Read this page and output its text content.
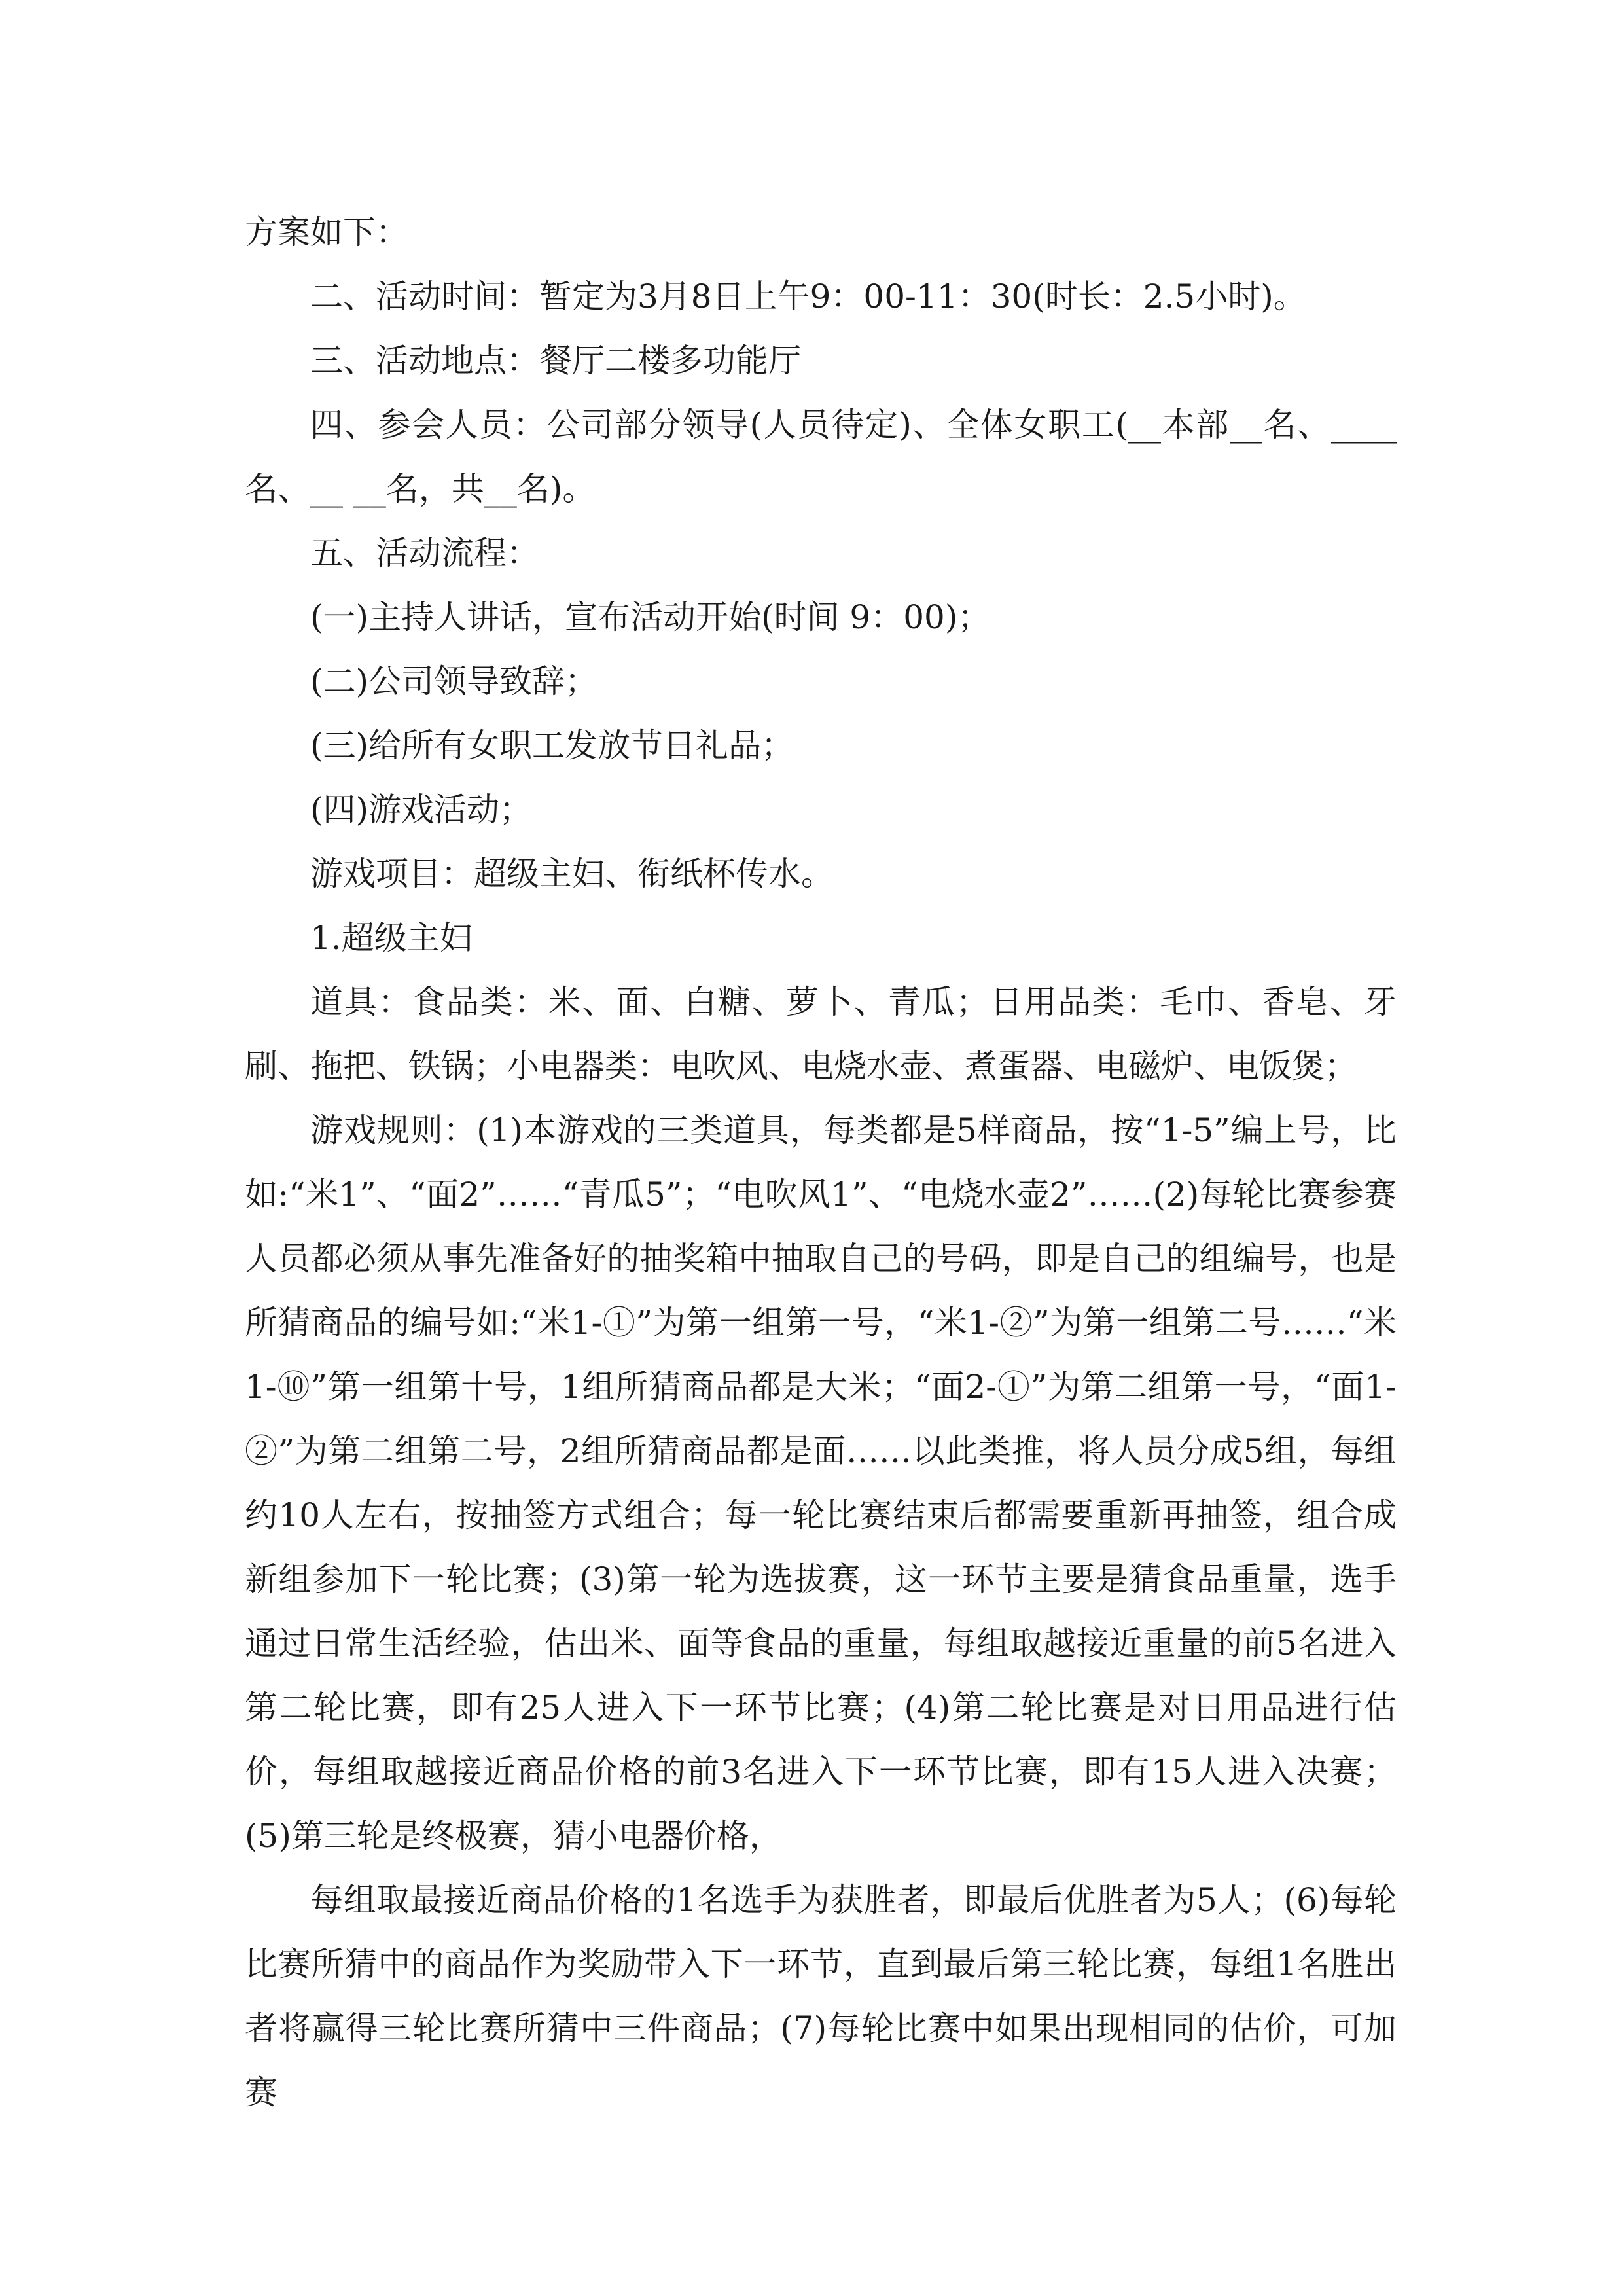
方案如下：

二、活动时间：暂定为3月8日上午9：00-11：30(时长：2.5小时)。

三、活动地点：餐厅二楼多功能厅

四、参会人员：公司部分领导(人员待定)、全体女职工(__本部__名、____名、__ __名，共__名)。

五、活动流程：

(一)主持人讲话，宣布活动开始(时间 9：00)；

(二)公司领导致辞；

(三)给所有女职工发放节日礼品；

(四)游戏活动；

游戏项目：超级主妇、衔纸杯传水。

1.超级主妇

道具：食品类：米、面、白糖、萝卜、青瓜；日用品类：毛巾、香皂、牙刷、拖把、铁锅；小电器类：电吹风、电烧水壶、煮蛋器、电磁炉、电饭煲；

游戏规则：(1)本游戏的三类道具，每类都是5样商品，按“1-5”编上号，比如:“米1”、“面2”……“青瓜5”；“电吹风1”、“电烧水壶2”……(2)每轮比赛参赛人员都必须从事先准备好的抽奖箱中抽取自己的号码，即是自己的组编号，也是所猜商品的编号如:“米1-①”为第一组第一号，“米1-②”为第一组第二号……“米1-⑩”第一组第十号，1组所猜商品都是大米；“面2-①”为第二组第一号，“面1-②”为第二组第二号，2组所猜商品都是面……以此类推，将人员分成5组，每组约10人左右，按抽签方式组合；每一轮比赛结束后都需要重新再抽签，组合成新组参加下一轮比赛；(3)第一轮为选拔赛，这一环节主要是猜食品重量，选手通过日常生活经验，估出米、面等食品的重量，每组取越接近重量的前5名进入第二轮比赛，即有25人进入下一环节比赛；(4)第二轮比赛是对日用品进行估价，每组取越接近商品价格的前3名进入下一环节比赛，即有15人进入决赛；(5)第三轮是终极赛，猜小电器价格，

每组取最接近商品价格的1名选手为获胜者，即最后优胜者为5人；(6)每轮比赛所猜中的商品作为奖励带入下一环节，直到最后第三轮比赛，每组1名胜出者将赢得三轮比赛所猜中三件商品；(7)每轮比赛中如果出现相同的估价，可加赛
